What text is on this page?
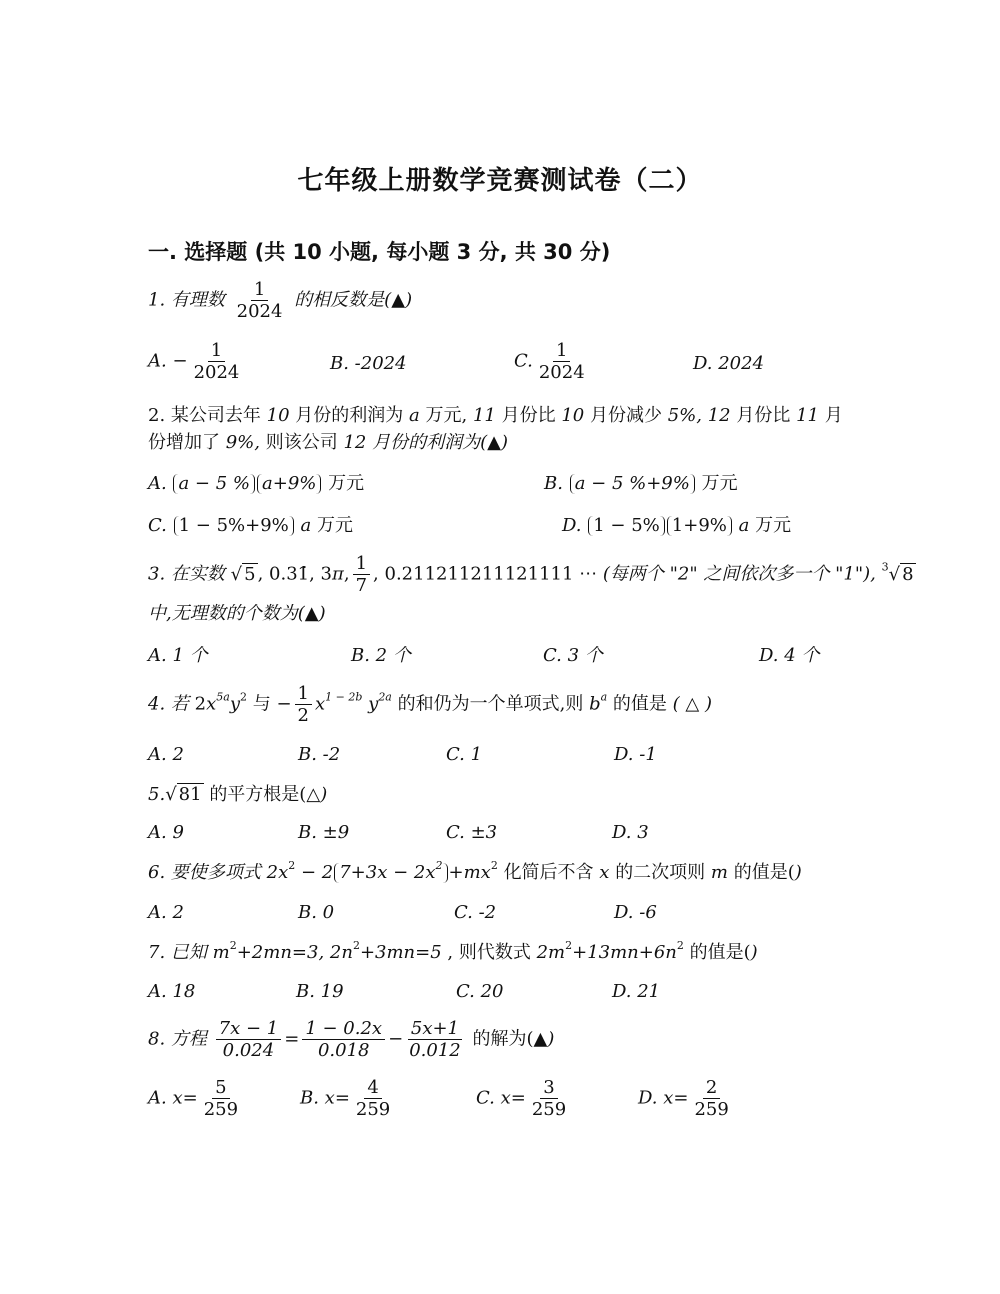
七年级上册数学竞赛测试卷（二）
一. 选择题 (共 10 小题, 每小题 3 分, 共 30 分)
1. 有理数 $\frac{1}{2024}$ 的相反数是(▲)
A. − $\frac{1}{2024}$	B. -2024	C. $\frac{1}{2024}$	D. 2024
2. 某公司去年 10 月份的利润为 a 万元, 11 月份比 10 月份减少 5%, 12 月份比 11 月
份增加了 9%, 则该公司 12 月份的利润为(▲)
A. a − 5 % a+9% 万元	B. a − 5 %+9% 万元
C. 1 − 5%+9% a 万元	D. 1 − 5% 1+9% a 万元
3. 在实数 √ 5 , 0.31̇, 3π, $\frac{1}{7}$ , 0.211211211121111 ⋯ (每两个 "2" 之间依次多一个 "1"), $^3$√ 8
中,无理数的个数为(▲)
A. 1 个	B. 2 个	C. 3 个	D. 4 个
4. 若 $2x^{5a}y^2$ 与 − $\frac{1}{2} x^{1 - 2b}$ $y^{2a}$ 的和仍为一个单项式,则 $b^a$ 的值是 ( △ )
A. 2	B. -2	C. 1	D. -1
5.√ 81 的平方根是(△)
A. 9	B. ±9	C. ±3	D. 3
6. 要使多项式 $2x^2 - 2$ $7+3x - 2x^2 +mx^2$ 化简后不含 x 的二次项则 m 的值是()
A. 2	B. 0	C. -2	D. -6
7. 已知 $m^2+2mn=3$, $2n^2+3mn=5$ , 则代数式 $2m^2+13mn+6n^2$ 的值是()
A. 18	B. 19	C. 20	D. 21
8. 方程 $\frac{7x - 1}{0.024} = \frac{1 - 0.2x}{0.018} - \frac{5x+1}{0.012}$ 的解为(▲)
A. $x= \frac{5}{259}$	B. $x= \frac{4}{259}$	C. $x= \frac{3}{259}$	D. $x= \frac{2}{259}$
